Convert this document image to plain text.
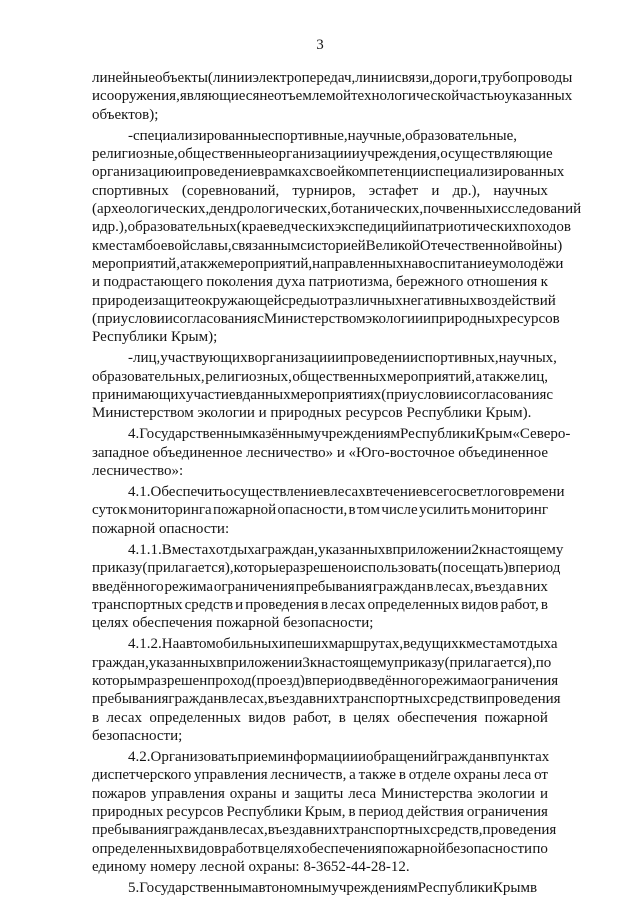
3
линейные объекты (линии электропередач, линии связи, дороги, трубопроводы
и сооружения, являющиеся неотъемлемой технологической частью указанных
объектов);
- специализированные спортивные, научные, образовательные,
религиозные, общественные организации и учреждения, осуществляющие
организацию и проведение в рамках своей компетенции специализированных
спортивных (соревнований, турниров, эстафет и др.), научных
(археологических, дендрологических, ботанических, почвенных исследований
и др.), образовательных (краеведческих экспедиций и патриотических походов
к местам боевой славы, связанным с историей Великой Отечественной войны)
мероприятий, а также мероприятий, направленных на воспитание у молодёжи
и подрастающего поколения духа патриотизма, бережного отношения к
природе и защите окружающей среды от различных негативных воздействий
(при условии согласования с Министерством экологии и природных ресурсов
Республики Крым);
- лиц, участвующих в организации и проведении спортивных, научных,
образовательных, религиозных, общественных мероприятий, а также лиц,
принимающих участие в данных мероприятиях (при условии согласования с
Министерством экологии и природных ресурсов Республики Крым).
4. Государственным казённым учреждениям Республики Крым «Северо-
западное объединенное лесничество» и «Юго-восточное объединенное
лесничество»:
4.1. Обеспечить осуществление в лесах в течение всего светлого времени
суток мониторинга пожарной опасности, в том числе усилить мониторинг
пожарной опасности:
4.1.1. В местах отдыха граждан, указанных в приложении 2 к настоящему
приказу (прилагается), которые разрешено использовать (посещать) в период
введённого режима ограничения пребывания граждан в лесах, въезда в них
транспортных средств и проведения в лесах определенных видов работ, в
целях обеспечения пожарной безопасности;
4.1.2. На автомобильных и пеших маршрутах, ведущих к местам отдыха
граждан, указанных в приложении 3 к настоящему приказу (прилагается), по
которым разрешен проход (проезд) в период введённого режима ограничения
пребывания граждан в лесах, въезда в них транспортных средств и проведения
в лесах определенных видов работ, в целях обеспечения пожарной
безопасности;
4.2. Организовать прием информации и обращений граждан в пунктах
диспетчерского управления лесничеств, а также в отделе охраны леса от
пожаров управления охраны и защиты леса Министерства экологии и
природных ресурсов Республики Крым, в период действия ограничения
пребывания граждан в лесах, въезда в них транспортных средств, проведения
определенных видов работ в целях обеспечения пожарной безопасности по
единому номеру лесной охраны: 8-3652-44-28-12.
5. Государственным автономным учреждениям Республики Крым в
